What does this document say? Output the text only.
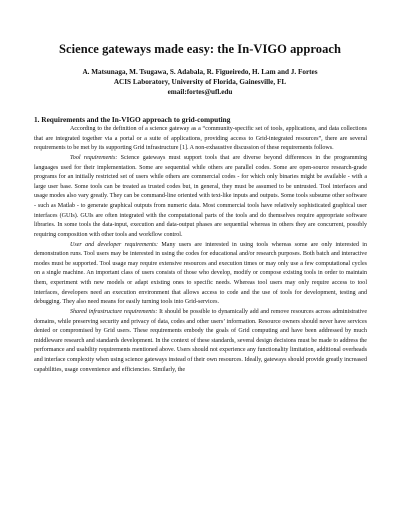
Science gateways made easy: the In-VIGO approach
A. Matsunaga, M. Tsugawa, S. Adabala, R. Figueiredo, H. Lam and J. Fortes
ACIS Laboratory, University of Florida, Gainesville, FL
email:fortes@ufl.edu
1. Requirements and the In-VIGO approach to grid-computing

According to the definition of a science gateway as a “community-specific set of tools, applications, and data collections that are integrated together via a portal or a suite of applications, providing access to Grid-integrated resources”, there are several requirements to be met by its supporting Grid infrastructure [1]. A non-exhaustive discussion of these requirements follows.

Tool requirements: Science gateways must support tools that are diverse beyond differences in the programming languages used for their implementation. Some are sequential while others are parallel codes. Some are open-source research-grade programs for an initially restricted set of users while others are commercial codes - for which only binaries might be available - with a large user base. Some tools can be treated as trusted codes but, in general, they must be assumed to be untrusted. Tool interfaces and usage modes also vary greatly. They can be command-line oriented with text-like inputs and outputs. Some tools subsume other software - such as Matlab - to generate graphical outputs from numeric data. Most commercial tools have relatively sophisticated graphical user interfaces (GUIs). GUIs are often integrated with the computational parts of the tools and do themselves require appropriate software libraries. In some tools the data-input, execution and data-output phases are sequential whereas in others they are concurrent, possibly requiring composition with other tools and workflow control.

User and developer requirements: Many users are interested in using tools whereas some are only interested in demonstration runs. Tool users may be interested in using the codes for educational and/or research purposes. Both batch and interactive modes must be supported. Tool usage may require extensive resources and execution times or may only use a few computational cycles on a single machine. An important class of users consists of those who develop, modify or compose existing tools in order to maintain them, experiment with new models or adapt existing ones to specific needs. Whereas tool users may only require access to tool interfaces, developers need an execution environment that allows access to code and the use of tools for development, testing and debugging. They also need means for easily turning tools into Grid-services.

Shared infrastructure requirements: It should be possible to dynamically add and remove resources across administrative domains, while preserving security and privacy of data, codes and other users’ information. Resource owners should never have services denied or compromised by Grid users. These requirements embody the goals of Grid computing and have been addressed by much middleware research and standards development. In the context of these standards, several design decisions must be made to address the performance and usability requirements mentioned above. Users should not experience any functionality limitation, additional overheads and interface complexity when using science gateways instead of their own resources. Ideally, gateways should provide greatly increased capabilities, usage convenience and efficiencies. Similarly, the
